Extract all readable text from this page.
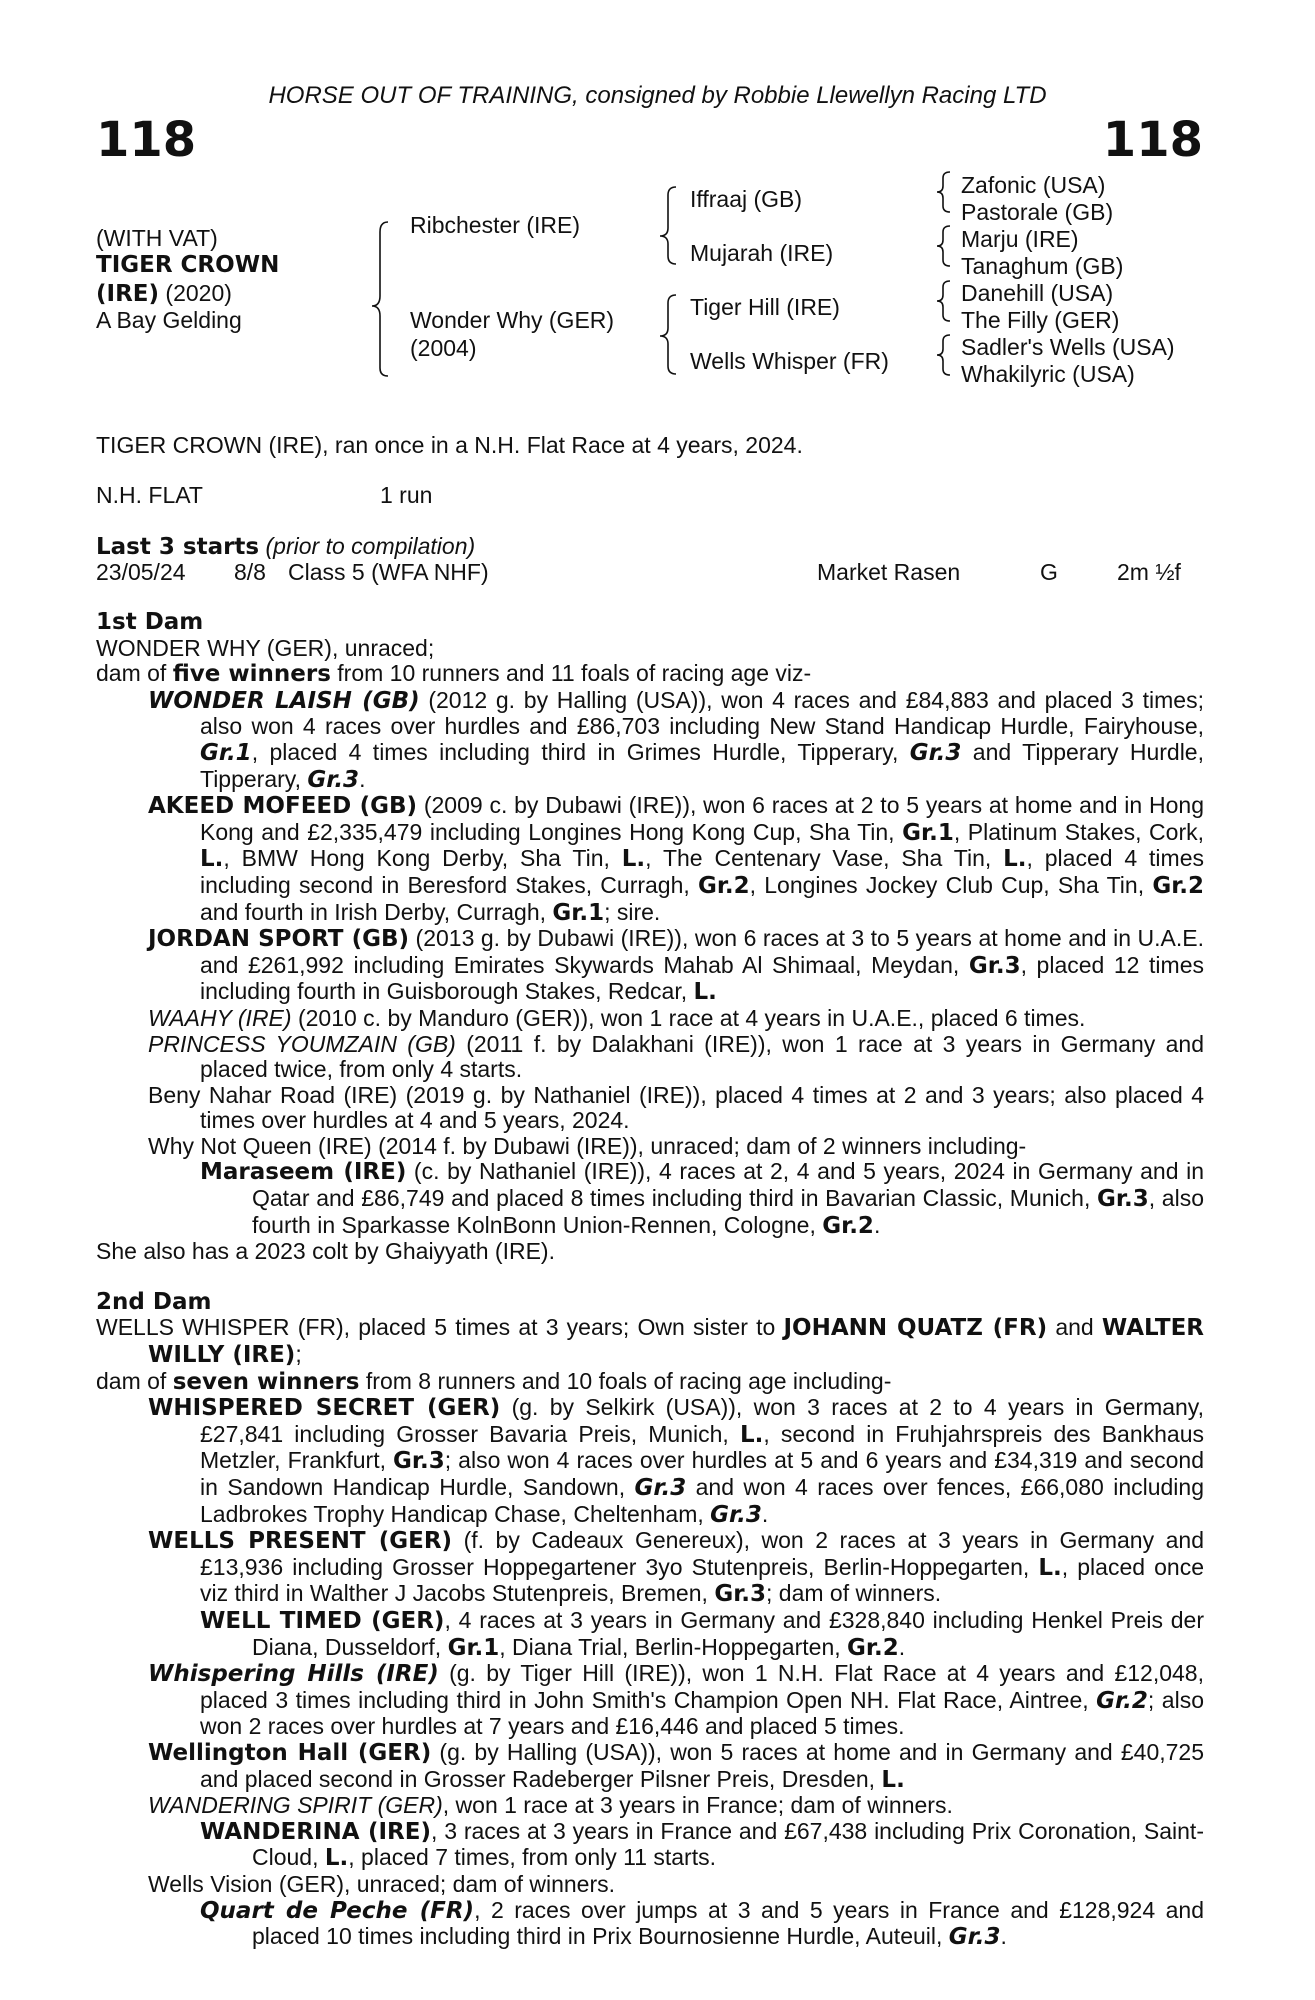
HORSE OUT OF TRAINING, consigned by Robbie Llewellyn Racing LTD
118	118
(WITH VAT)
TIGER CROWN
(IRE) (2020)
A Bay Gelding
Ribchester (IRE)
Wonder Why (GER)
(2004)
Iffraaj (GB)
Mujarah (IRE)
Tiger Hill (IRE)
Wells Whisper (FR)
Zafonic (USA)
Pastorale (GB)
Marju (IRE)
Tanaghum (GB)
Danehill (USA)
The Filly (GER)
Sadler's Wells (USA)
Whakilyric (USA)
TIGER CROWN (IRE), ran once in a N.H. Flat Race at 4 years, 2024.
N.H. FLAT	1 run
Last 3 starts (prior to compilation)
23/05/24 8/8 Class 5 (WFA NHF)	Market Rasen	G	2m ½f

1st Dam

WONDER WHY (GER), unraced;

dam of five winners from 10 runners and 11 foals of racing age viz-

WONDER LAISH (GB) (2012 g. by Halling (USA)), won 4 races and £84,883 and placed 3 times; also won 4 races over hurdles and £86,703 including New Stand Handicap Hurdle, Fairyhouse, Gr.1, placed 4 times including third in Grimes Hurdle, Tipperary, Gr.3 and Tipperary Hurdle, Tipperary, Gr.3.
AKEED MOFEED (GB) (2009 c. by Dubawi (IRE)), won 6 races at 2 to 5 years at home and in Hong Kong and £2,335,479 including Longines Hong Kong Cup, Sha Tin, Gr.1, Platinum Stakes, Cork, L., BMW Hong Kong Derby, Sha Tin, L., The Centenary Vase, Sha Tin, L., placed 4 times including second in Beresford Stakes, Curragh, Gr.2, Longines Jockey Club Cup, Sha Tin, Gr.2 and fourth in Irish Derby, Curragh, Gr.1; sire.
JORDAN SPORT (GB) (2013 g. by Dubawi (IRE)), won 6 races at 3 to 5 years at home and in U.A.E. and £261,992 including Emirates Skywards Mahab Al Shimaal, Meydan, Gr.3, placed 12 times including fourth in Guisborough Stakes, Redcar, L.
WAAHY (IRE) (2010 c. by Manduro (GER)), won 1 race at 4 years in U.A.E., placed 6 times.
PRINCESS YOUMZAIN (GB) (2011 f. by Dalakhani (IRE)), won 1 race at 3 years in Germany and placed twice, from only 4 starts.
Beny Nahar Road (IRE) (2019 g. by Nathaniel (IRE)), placed 4 times at 2 and 3 years; also placed 4 times over hurdles at 4 and 5 years, 2024.
Why Not Queen (IRE) (2014 f. by Dubawi (IRE)), unraced; dam of 2 winners including-
Maraseem (IRE) (c. by Nathaniel (IRE)), 4 races at 2, 4 and 5 years, 2024 in Germany and in Qatar and £86,749 and placed 8 times including third in Bavarian Classic, Munich, Gr.3, also fourth in Sparkasse KolnBonn Union-Rennen, Cologne, Gr.2.

She also has a 2023 colt by Ghaiyyath (IRE).

2nd Dam

WELLS WHISPER (FR), placed 5 times at 3 years; Own sister to JOHANN QUATZ (FR) and WALTER WILLY (IRE);

dam of seven winners from 8 runners and 10 foals of racing age including-

WHISPERED SECRET (GER) (g. by Selkirk (USA)), won 3 races at 2 to 4 years in Germany, £27,841 including Grosser Bavaria Preis, Munich, L., second in Fruhjahrspreis des Bankhaus Metzler, Frankfurt, Gr.3; also won 4 races over hurdles at 5 and 6 years and £34,319 and second in Sandown Handicap Hurdle, Sandown, Gr.3 and won 4 races over fences, £66,080 including Ladbrokes Trophy Handicap Chase, Cheltenham, Gr.3.
WELLS PRESENT (GER) (f. by Cadeaux Genereux), won 2 races at 3 years in Germany and £13,936 including Grosser Hoppegartener 3yo Stutenpreis, Berlin-Hoppegarten, L., placed once viz third in Walther J Jacobs Stutenpreis, Bremen, Gr.3; dam of winners.
WELL TIMED (GER), 4 races at 3 years in Germany and £328,840 including Henkel Preis der Diana, Dusseldorf, Gr.1, Diana Trial, Berlin-Hoppegarten, Gr.2.
Whispering Hills (IRE) (g. by Tiger Hill (IRE)), won 1 N.H. Flat Race at 4 years and £12,048, placed 3 times including third in John Smith's Champion Open NH. Flat Race, Aintree, Gr.2; also won 2 races over hurdles at 7 years and £16,446 and placed 5 times.
Wellington Hall (GER) (g. by Halling (USA)), won 5 races at home and in Germany and £40,725 and placed second in Grosser Radeberger Pilsner Preis, Dresden, L.
WANDERING SPIRIT (GER), won 1 race at 3 years in France; dam of winners.
WANDERINA (IRE), 3 races at 3 years in France and £67,438 including Prix Coronation, Saint-Cloud, L., placed 7 times, from only 11 starts.
Wells Vision (GER), unraced; dam of winners.
Quart de Peche (FR), 2 races over jumps at 3 and 5 years in France and £128,924 and placed 10 times including third in Prix Bournosienne Hurdle, Auteuil, Gr.3.
